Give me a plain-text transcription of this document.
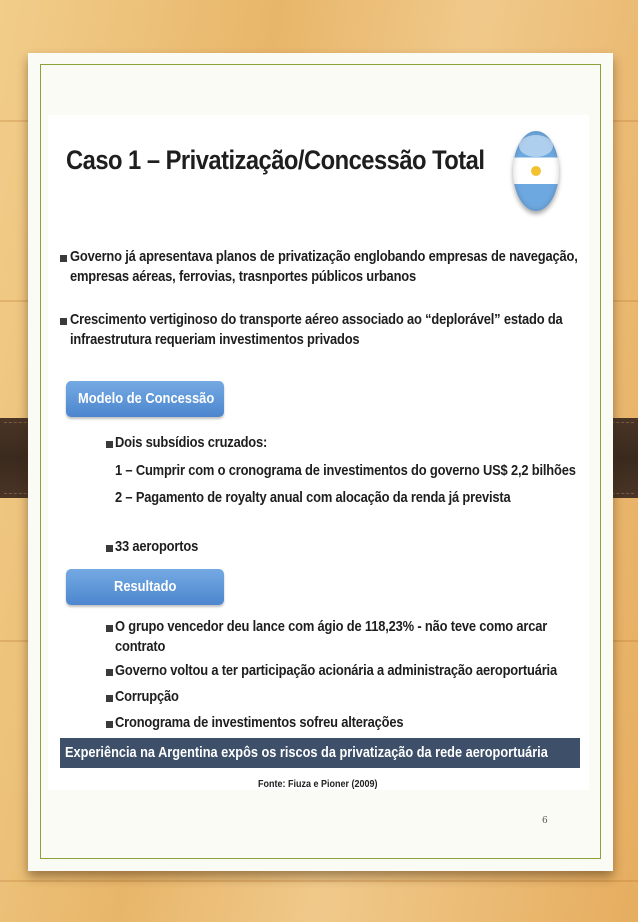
Caso 1 – Privatização/Concessão Total
Governo já apresentava planos de privatização englobando empresas de navegação,
empresas aéreas, ferrovias, trasnportes públicos urbanos
Crescimento vertiginoso do transporte aéreo associado ao “deplorável” estado da
infraestrutura requeriam investimentos privados
Modelo de Concessão
Dois subsídios cruzados:
1 – Cumprir com o cronograma de investimentos do governo US$ 2,2 bilhões
2 – Pagamento de royalty anual com alocação da renda já prevista
33 aeroportos
Resultado
O grupo vencedor deu lance com ágio de 118,23% - não teve como arcar
contrato
Governo voltou a ter participação acionária a administração aeroportuária
Corrupção
Cronograma de investimentos sofreu alterações
Experiência na Argentina expôs os riscos da privatização da rede aeroportuária
Fonte: Fiuza e Pioner (2009)
6
